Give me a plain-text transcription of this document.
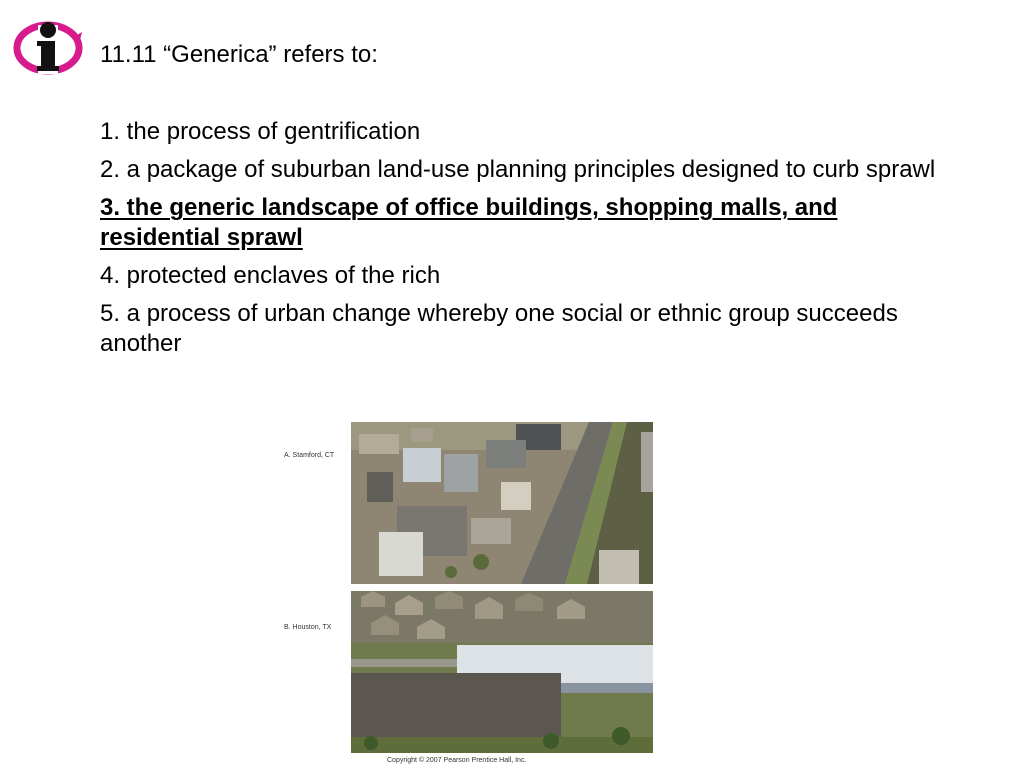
11.11 “Generica” refers to:
1. the process of gentrification
2. a package of suburban land-use planning principles designed to curb sprawl
3. the generic landscape of office buildings, shopping malls, and residential sprawl
4. protected enclaves of the rich
5. a process of urban change whereby one social or ethnic group succeeds another
A. Stamford, CT
B. Houston, TX
Copyright © 2007 Pearson Prentice Hall, Inc.
